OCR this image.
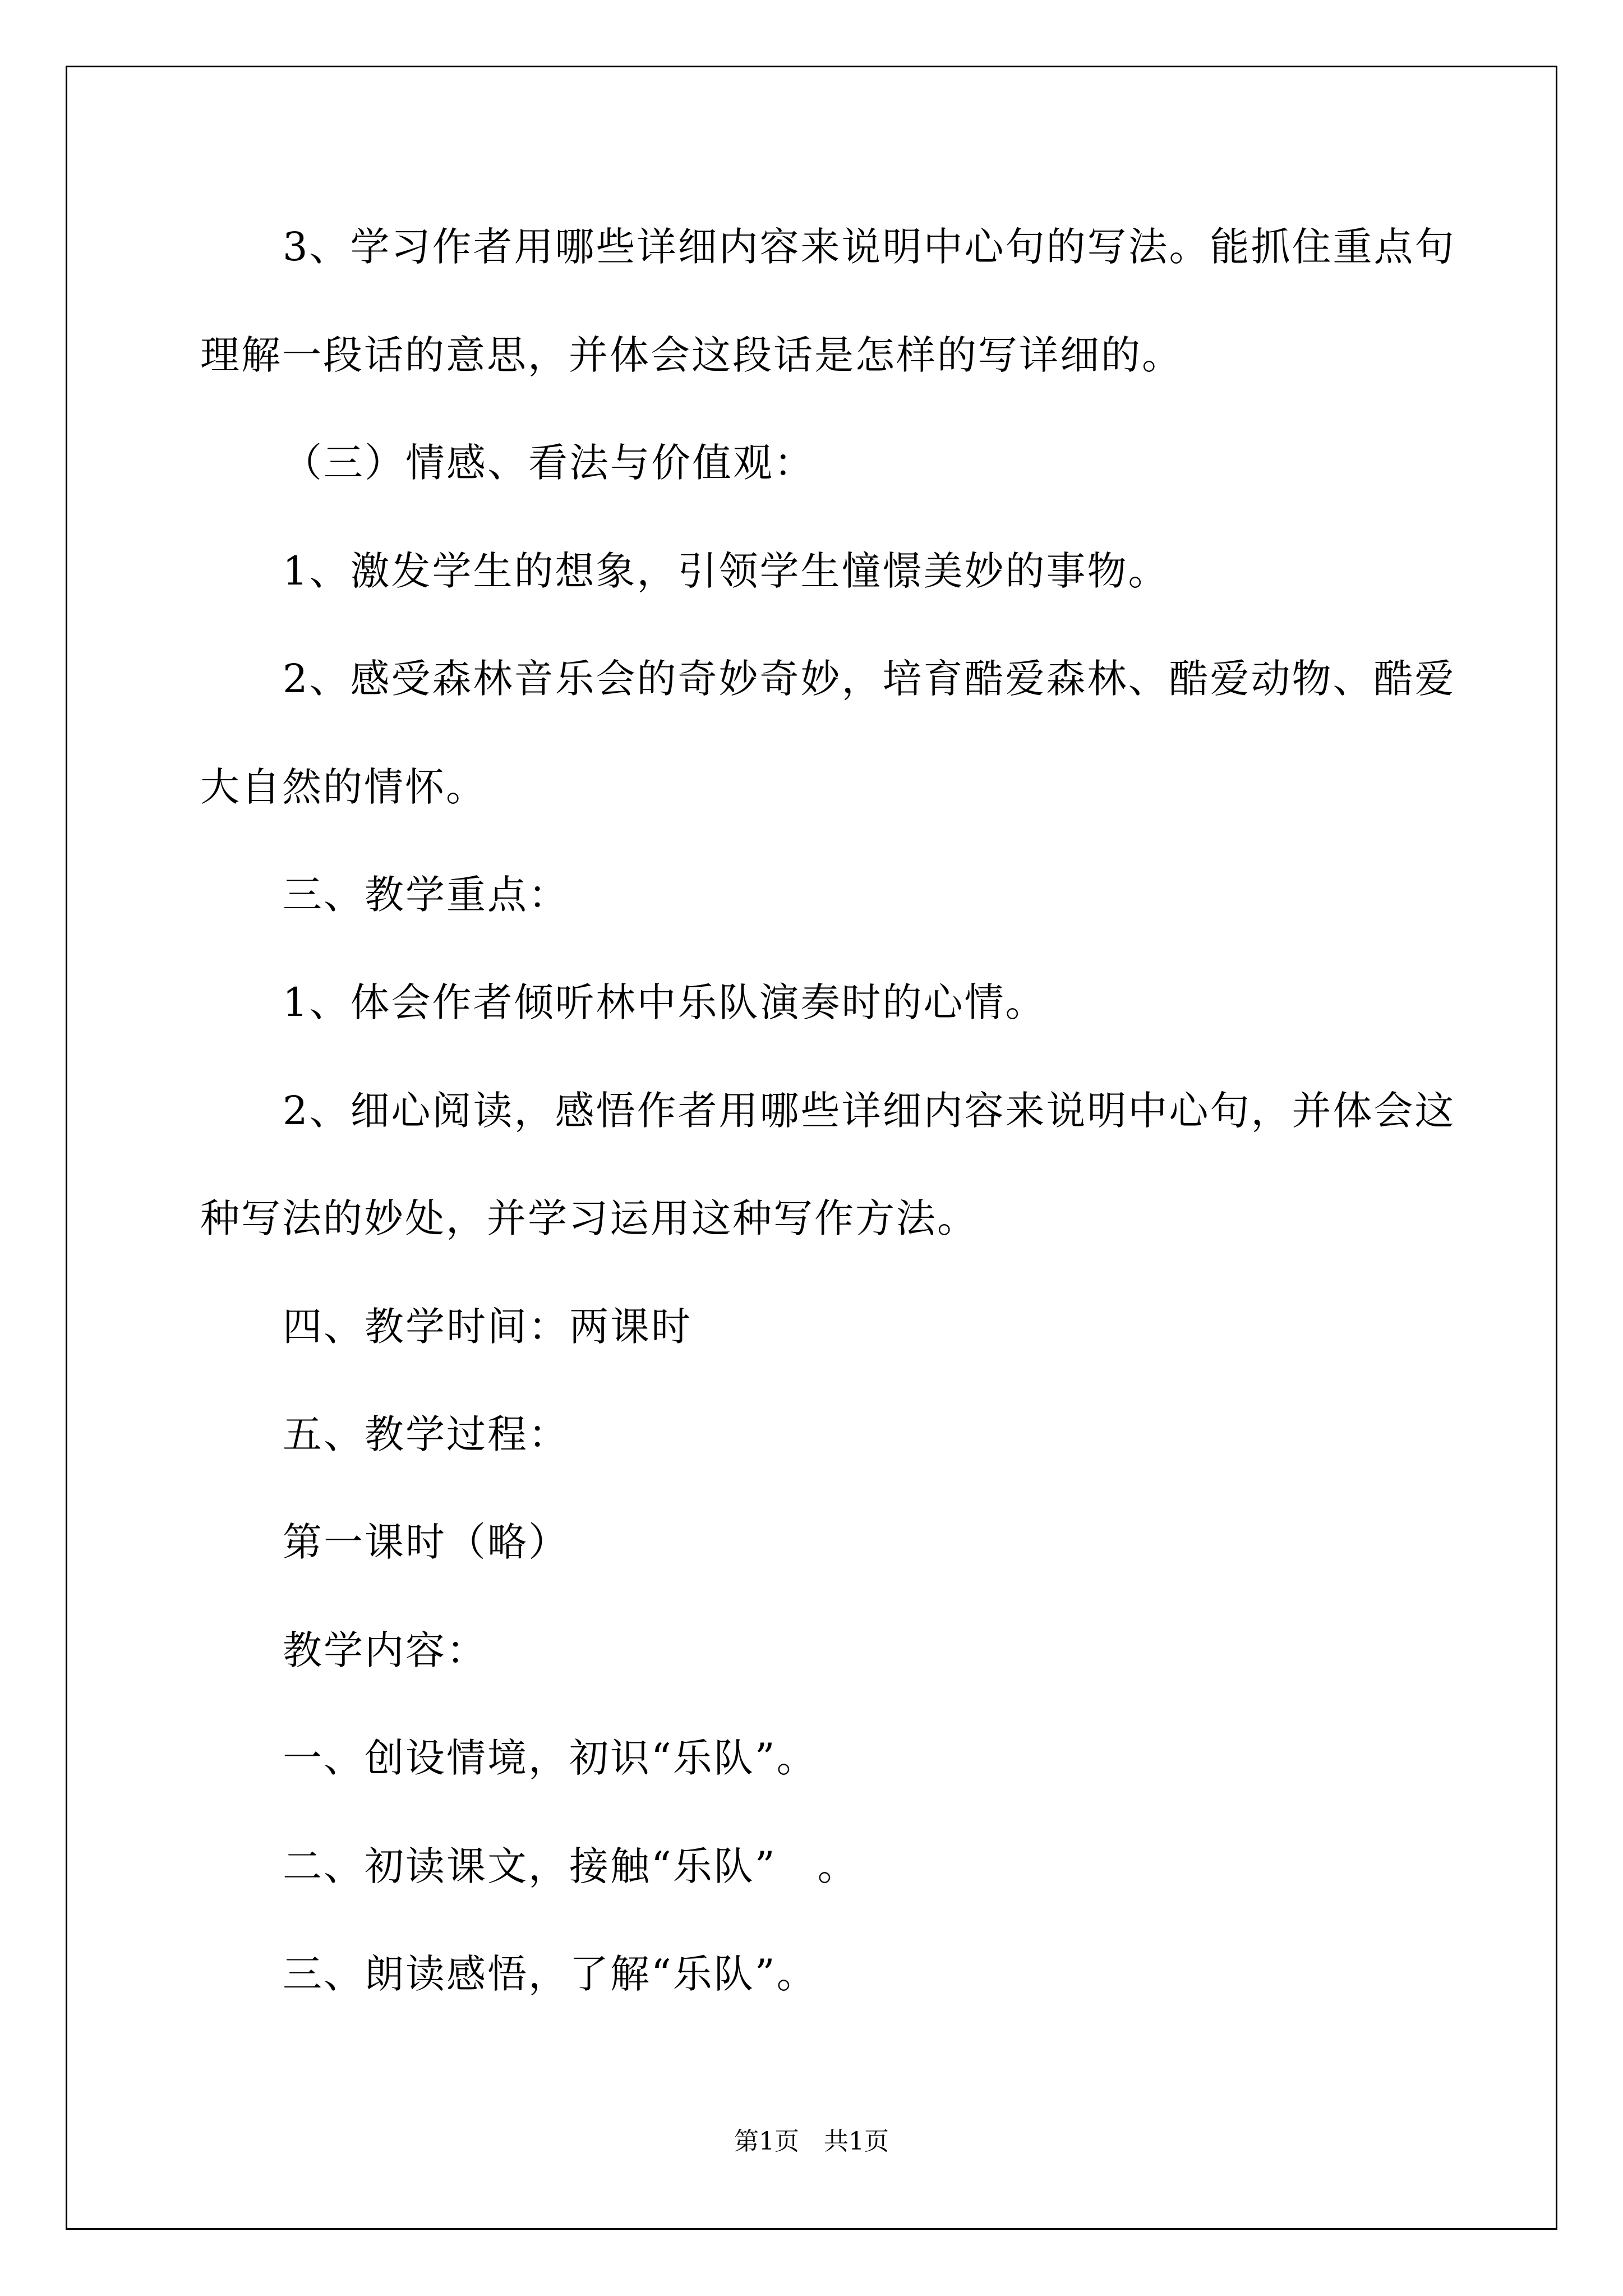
3、学习作者用哪些详细内容来说明中心句的写法。能抓住重点句
理解一段话的意思，并体会这段话是怎样的写详细的。
（三）情感、看法与价值观：
1、激发学生的想象，引领学生憧憬美妙的事物。
2、感受森林音乐会的奇妙奇妙，培育酷爱森林、酷爱动物、酷爱
大自然的情怀。
三、教学重点：
1、体会作者倾听林中乐队演奏时的心情。
2、细心阅读，感悟作者用哪些详细内容来说明中心句，并体会这
种写法的妙处，并学习运用这种写作方法。
四、教学时间：两课时
五、教学过程：
第一课时（略）
教学内容：
一、创设情境，初识“乐队”。
二、初读课文，接触“乐队”　。
三、朗读感悟，了解“乐队”。
第1页　共1页
